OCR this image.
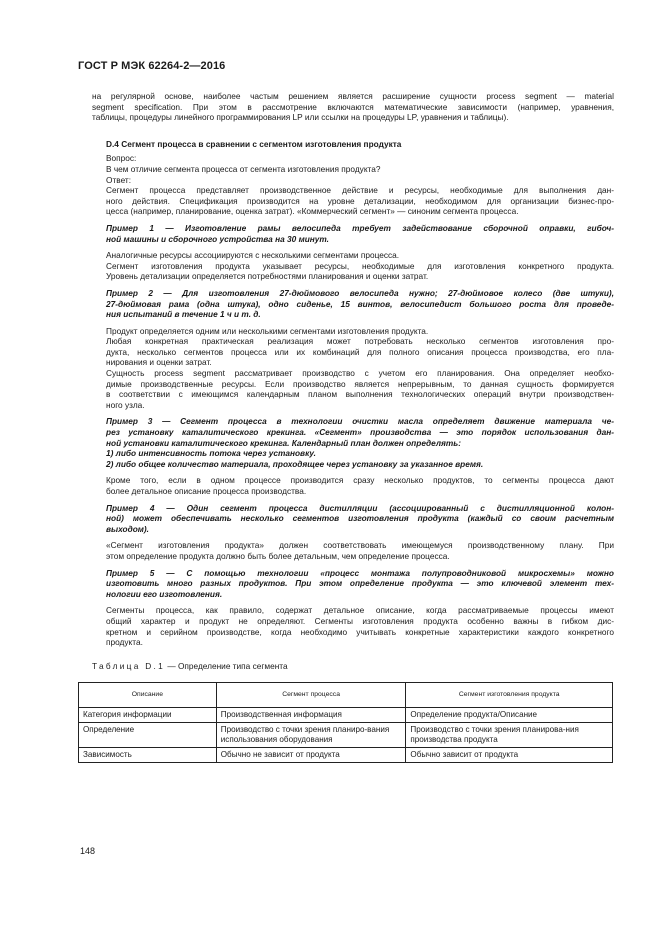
ГОСТ Р МЭК 62264-2—2016

на регулярной основе, наиболее частым решением является расширение сущности process segment — material
segment specification. При этом в рассмотрение включаются математические зависимости (например, уравнения,
таблицы, процедуры линейного программирования LP или ссылки на процедуры LP, уравнения и таблицы).

D.4 Сегмент процесса в сравнении с сегментом изготовления продукта

Вопрос:
В чем отличие сегмента процесса от сегмента изготовления продукта?
Ответ:

Сегмент процесса представляет производственное действие и ресурсы, необходимые для выполнения дан-
ного действия. Спецификация производится на уровне детализации, необходимом для организации бизнес-про-
цесса (например, планирование, оценка затрат). «Коммерческий сегмент» — синоним сегмента процесса.

Пример 1 — Изготовление рамы велосипеда требует задействование сборочной оправки, гибоч-
ной машины и сборочного устройства на 30 минут.

Аналогичные ресурсы ассоциируются с несколькими сегментами процесса.

Сегмент изготовления продукта указывает ресурсы, необходимые для изготовления конкретного продукта.
Уровень детализации определяется потребностями планирования и оценки затрат.

Пример 2 — Для изготовления 27-дюймового велосипеда нужно; 27-дюймовое колесо (две штуки),
27-дюймовая рама (одна штука), одно сиденье, 15 винтов, велосипедист большого роста для проведе-
ния испытаний в течение 1 ч и т. д.

Продукт определяется одним или несколькими сегментами изготовления продукта.

Любая конкретная практическая реализация может потребовать несколько сегментов изготовления про-
дукта, несколько сегментов процесса или их комбинаций для полного описания процесса производства, его пла-
нирования и оценки затрат.

Сущность process segment рассматривает производство с учетом его планирования. Она определяет необхо-
димые производственные ресурсы. Если производство является непрерывным, то данная сущность формируется
в соответствии с имеющимся календарным планом выполнения технологических операций внутри производствен-
ного узла.

Пример 3 — Сегмент процесса в технологии очистки масла определяет движение материала че-
рез установку каталитического крекинга. «Сегмент» производства — это порядок использования дан-
ной установки каталитического крекинга. Календарный план должен определять:

1) либо интенсивность потока через установку.
2) либо общее количество материала, проходящее через установку за указанное время.

Кроме того, если в одном процессе производится сразу несколько продуктов, то сегменты процесса дают
более детальное описание процесса производства.

Пример 4 — Один сегмент процесса дистилляции (ассоциированный с дистилляционной колон-
ной) может обеспечивать несколько сегментов изготовления продукта (каждый со своим расчетным
выходом).

«Сегмент изготовления продукта» должен соответствовать имеющемуся производственному плану. При
этом определение продукта должно быть более детальным, чем определение процесса.

Пример 5 — С помощью технологии «процесс монтажа полупроводниковой микросхемы» можно
изготовить много разных продуктов. При этом определение продукта — это ключевой элемент тех-
нологии его изготовления.

Сегменты процесса, как правило, содержат детальное описание, когда рассматриваемые процессы имеют
общий характер и продукт не определяют. Сегменты изготовления продукта особенно важны в гибком дис-
кретном и серийном производстве, когда необходимо учитывать конкретные характеристики каждого конкретного
продукта.

Таблица D.1 — Определение типа сегмента

Описание	Сегмент процесса	Сегмент изготовления продукта
Категория информации	Производственная информация	Определение продукта/Описание
Определение	Производство с точки зрения планиро-вания использования оборудования	Производство с точки зрения планирова-ния производства продукта
Зависимость	Обычно не зависит от продукта	Обычно зависит от продукта
148
